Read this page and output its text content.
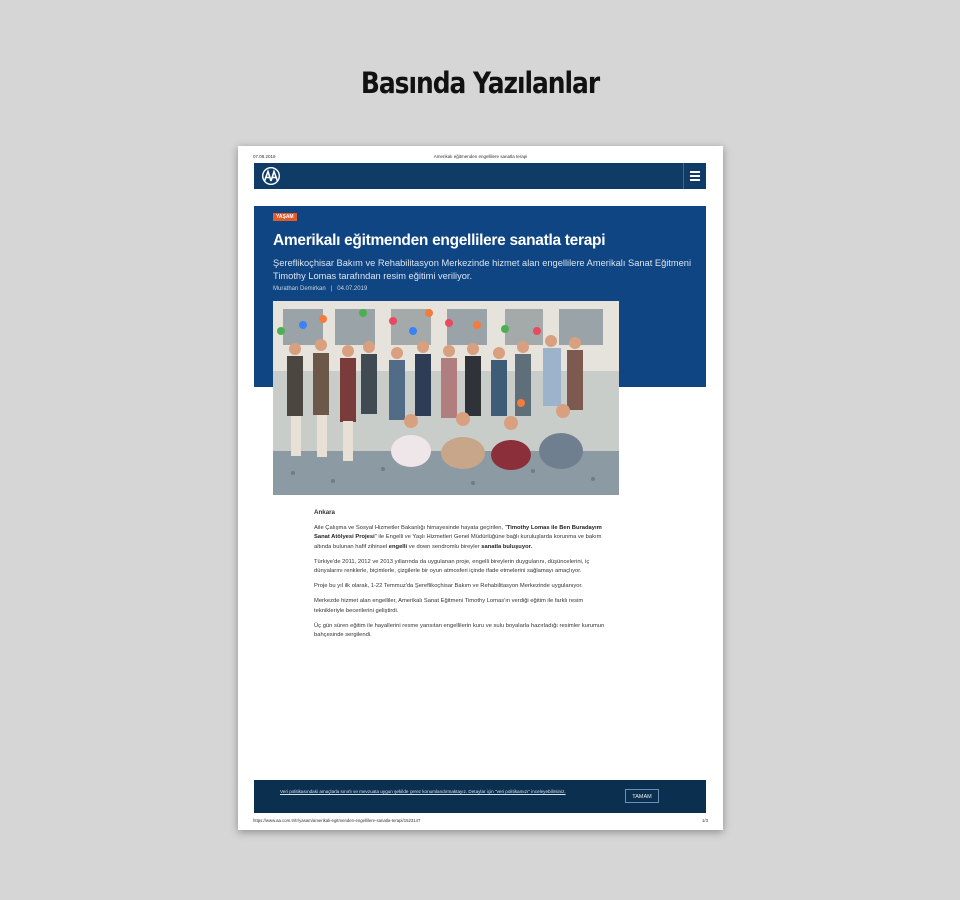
Basında Yazılanlar
07.08.2019	Amerikalı eğitmenden engellilere sanatla terapi
YAŞAM
Amerikalı eğitmenden engellilere sanatla terapi
Şereflikoçhisar Bakım ve Rehabilitasyon Merkezinde hizmet alan engellilere Amerikalı Sanat Eğitmeni Timothy Lomas tarafından resim eğitimi veriliyor.
Murathan Demirkan | 04.07.2019

Ankara

Aile Çalışma ve Sosyal Hizmetler Bakanlığı himayesinde hayata geçirilen, "Timothy Lomas ile Ben Buradayım Sanat Atölyesi Projesi" ile Engelli ve Yaşlı Hizmetleri Genel Müdürlüğüne bağlı kuruluşlarda korunma ve bakım altında bulunan hafif zihinsel engelli ve down sendromlu bireyler sanatla buluşuyor.

Türkiye'de 2011, 2012 ve 2013 yıllarında da uygulanan proje, engelli bireylerin duygularını, düşüncelerini, iç dünyalarını renklerle, biçimlerle, çizgilerle bir oyun atmosferi içinde ifade etmelerini sağlamayı amaçlıyor.

Proje bu yıl ilk olarak, 1-22 Temmuz'da Şereflikoçhisar Bakım ve Rehabilitasyon Merkezinde uygulanıyor.

Merkezde hizmet alan engelliler, Amerikalı Sanat Eğitmeni Timothy Lomas'ın verdiği eğitim ile farklı resim teknikleriyle becerilerini geliştirdi.

Üç gün süren eğitim ile hayallerini resme yansıtan engellilerin kuru ve sulu boyalarla hazırladığı resimler kurumun bahçesinde sergilendi.

Veri politikasındaki amaçlarla sınırlı ve mevzuata uygun şekilde çerez konumlandırmaktayız. Detaylar için "veri politikamızı" inceleyebilirsiniz.
TAMAM
https://www.aa.com.tr/tr/yasam/amerikali-egitmenden-engellilere-sanatla-terapi/1523147	1/3
